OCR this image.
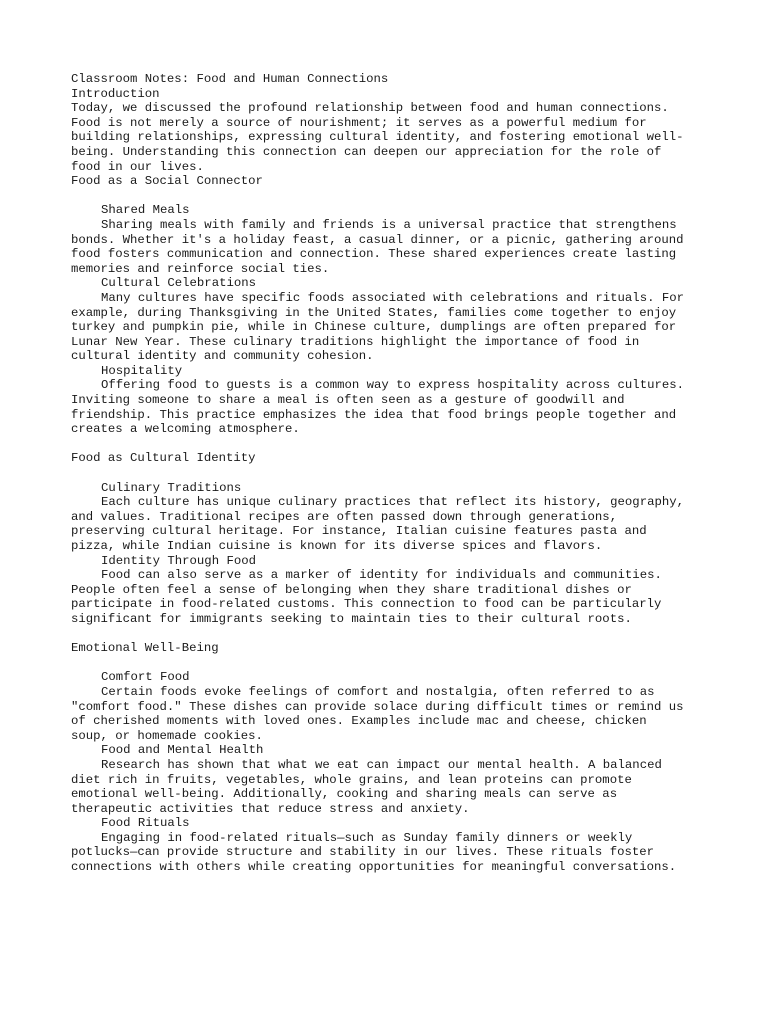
Classroom Notes: Food and Human Connections
Introduction
Today, we discussed the profound relationship between food and human connections.
Food is not merely a source of nourishment; it serves as a powerful medium for
building relationships, expressing cultural identity, and fostering emotional well-
being. Understanding this connection can deepen our appreciation for the role of
food in our lives.
Food as a Social Connector
Shared Meals
Sharing meals with family and friends is a universal practice that strengthens
bonds. Whether it's a holiday feast, a casual dinner, or a picnic, gathering around
food fosters communication and connection. These shared experiences create lasting
memories and reinforce social ties.
Cultural Celebrations
Many cultures have specific foods associated with celebrations and rituals. For
example, during Thanksgiving in the United States, families come together to enjoy
turkey and pumpkin pie, while in Chinese culture, dumplings are often prepared for
Lunar New Year. These culinary traditions highlight the importance of food in
cultural identity and community cohesion.
Hospitality
Offering food to guests is a common way to express hospitality across cultures.
Inviting someone to share a meal is often seen as a gesture of goodwill and
friendship. This practice emphasizes the idea that food brings people together and
creates a welcoming atmosphere.
Food as Cultural Identity
Culinary Traditions
Each culture has unique culinary practices that reflect its history, geography,
and values. Traditional recipes are often passed down through generations,
preserving cultural heritage. For instance, Italian cuisine features pasta and
pizza, while Indian cuisine is known for its diverse spices and flavors.
Identity Through Food
Food can also serve as a marker of identity for individuals and communities.
People often feel a sense of belonging when they share traditional dishes or
participate in food-related customs. This connection to food can be particularly
significant for immigrants seeking to maintain ties to their cultural roots.
Emotional Well-Being
Comfort Food
Certain foods evoke feelings of comfort and nostalgia, often referred to as
"comfort food." These dishes can provide solace during difficult times or remind us
of cherished moments with loved ones. Examples include mac and cheese, chicken
soup, or homemade cookies.
Food and Mental Health
Research has shown that what we eat can impact our mental health. A balanced
diet rich in fruits, vegetables, whole grains, and lean proteins can promote
emotional well-being. Additionally, cooking and sharing meals can serve as
therapeutic activities that reduce stress and anxiety.
Food Rituals
Engaging in food-related rituals—such as Sunday family dinners or weekly
potlucks—can provide structure and stability in our lives. These rituals foster
connections with others while creating opportunities for meaningful conversations.
